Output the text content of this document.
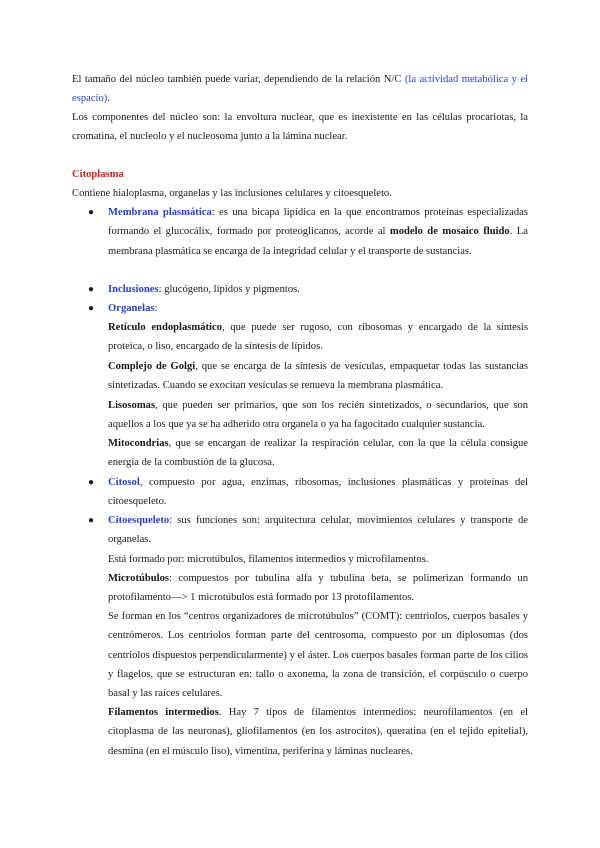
El tamaño del núcleo también puede variar, dependiendo de la relación N/C (la actividad metabólica y el espacio).

Los componentes del núcleo son: la envoltura nuclear, que es inexistente en las células procariotas, la cromatina, el nucleolo y el nucleosoma junto a la lámina nuclear.

Citoplasma

Contiene hialoplasma, organelas y las inclusiones celulares y citoesqueleto.

● Membrana plasmática: es una bicapa lipídica en la que encontramos proteínas especializadas formando el glucocálix, formado por proteoglicanos, acorde al modelo de mosaico fluido. La membrana plasmática se encarga de la integridad celular y el transporte de sustancias.

● Inclusiones: glucógeno, lípidos y pigmentos.

● Organelas:

Retículo endoplasmático, que puede ser rugoso, con ribosomas y encargado de la síntesis proteica, o liso, encargado de la síntesis de lípidos.

Complejo de Golgi, que se encarga de la síntesis de vesículas, empaquetar todas las sustancias sintetizadas. Cuando se exocitan vesículas se renueva la membrana plasmática.

Lisosomas, que pueden ser primarios, que son los recién sintetizados, o secundarios, que son aquellos a los que ya se ha adherido otra organela o ya ha fagocitado cualquier sustancia.

Mitocondrias, que se encargan de realizar la respiración celular, con la que la célula consigue energía de la combustión de la glucosa.

● Citosol, compuesto por agua, enzimas, ribosomas, inclusiones plasmáticas y proteínas del citoesqueleto.

● Citoesqueleto: sus funciones son: arquitectura celular, movimientos celulares y transporte de organelas.

Está formado por: microtúbulos, filamentos intermedios y microfilamentos.

Microtúbulos: compuestos por tubulina alfa y tubulina beta, se polimerizan formando un protofilamento—> 1 microtúbulos está formado por 13 protofilamentos.

Se forman en los “centros organizadores de microtúbulos” (COMT): centriolos, cuerpos basales y centrómeros. Los centriolos forman parte del centrosoma, compuesto por un diplosomas (dos centriolos dispuestos perpendicularmente) y el áster. Los cuerpos basales forman parte de los cilios y flagelos, que se estructuran en: tallo o axonema, la zona de transición, el corpúsculo o cuerpo basal y las raíces celulares.

Filamentos intermedios. Hay 7 tipos de filamentos intermedios: neurofilamentos (en el citoplasma de las neuronas), gliofilamentos (en los astrocitos), queratina (en el tejido epitelial), desmina (en el músculo liso), vimentina, periferina y láminas nucleares.
